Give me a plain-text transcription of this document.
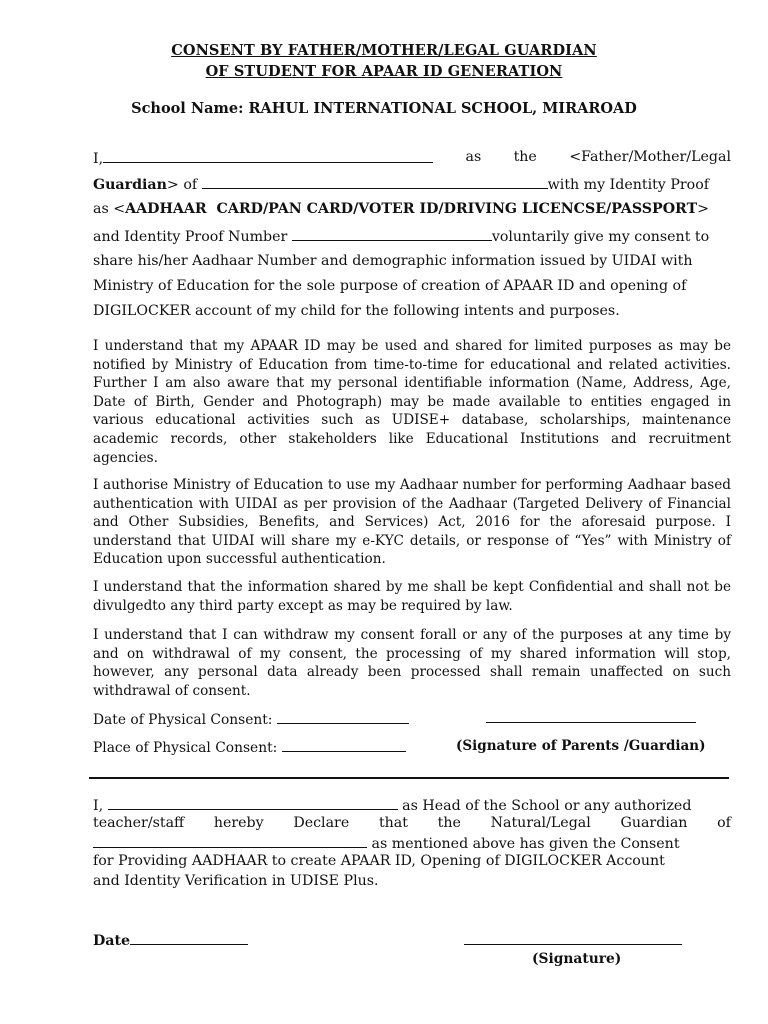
CONSENT BY FATHER/MOTHER/LEGAL GUARDIAN
OF STUDENT FOR APAAR ID GENERATION
School Name: RAHUL INTERNATIONAL SCHOOL, MIRAROAD
I,	as the <Father/Mother/Legal
Guardian> of	with my Identity Proof
as <AADHAAR  CARD/PAN CARD/VOTER ID/DRIVING LICENCSE/PASSPORT>
and Identity Proof Number	voluntarily give my consent to
share his/her Aadhaar Number and demographic information issued by UIDAI with
Ministry of Education for the sole purpose of creation of APAAR ID and opening of
DIGILOCKER account of my child for the following intents and purposes.
I understand that my APAAR ID may be used and shared for limited purposes as may be notified by Ministry of Education from time-to-time for educational and related activities. Further I am also aware that my personal identifiable information (Name, Address, Age, Date of Birth, Gender and Photograph) may be made available to entities engaged in various educational activities such as UDISE+ database, scholarships, maintenance academic records, other stakeholders like Educational Institutions and recruitment agencies.
I authorise Ministry of Education to use my Aadhaar number for performing Aadhaar based authentication with UIDAI as per provision of the Aadhaar (Targeted Delivery of Financial and Other Subsidies, Benefits, and Services) Act, 2016 for the aforesaid purpose. I understand that UIDAI will share my e-KYC details, or response of “Yes” with Ministry of Education upon successful authentication.
I understand that the information shared by me shall be kept Confidential and shall not be divulgedto any third party except as may be required by law.
I understand that I can withdraw my consent forall or any of the purposes at any time by and on withdrawal of my consent, the processing of my shared information will stop, however, any personal data already been processed shall remain unaffected on such withdrawal of consent.
Date of Physical Consent:
Place of Physical Consent:	(Signature of Parents /Guardian)
I,	as Head of the School or any authorized
teacher/staff hereby Declare that the Natural/Legal Guardian of
as mentioned above has given the Consent
for Providing AADHAAR to create APAAR ID, Opening of DIGILOCKER Account
and Identity Verification in UDISE Plus.
Date
(Signature)
